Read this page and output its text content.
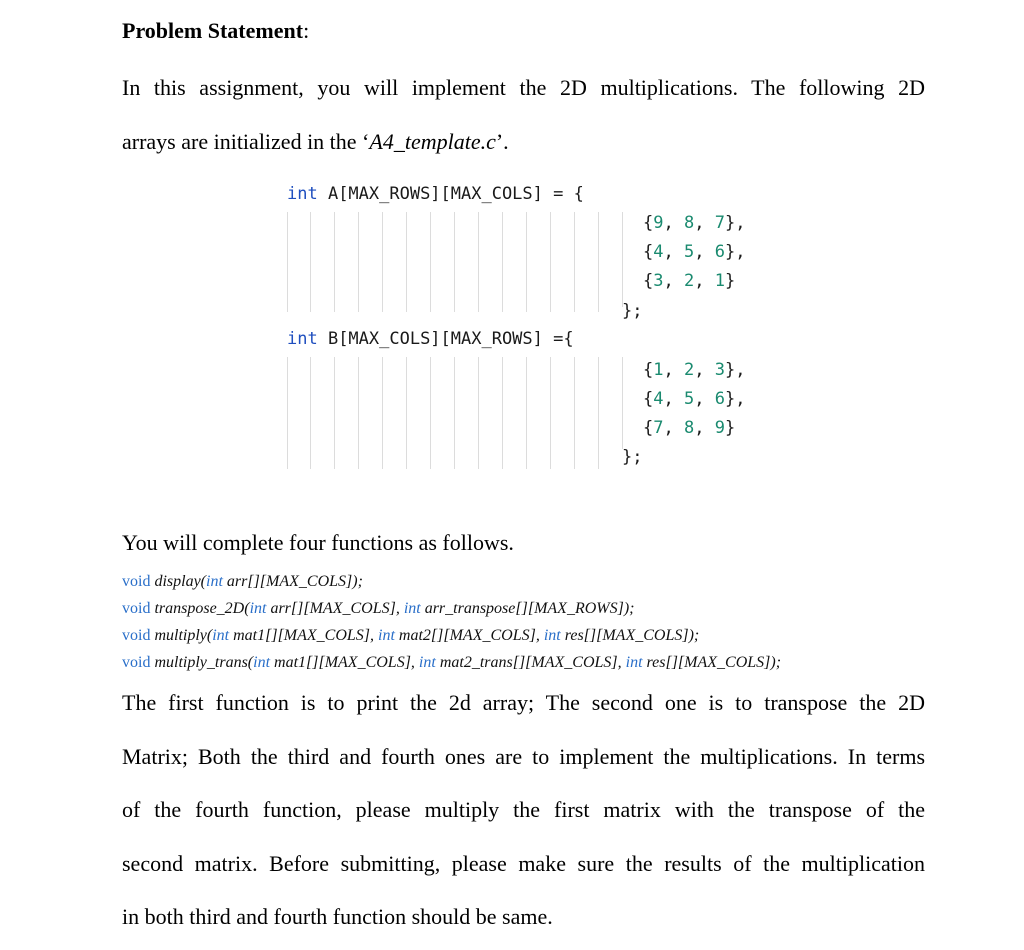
Problem Statement:
In this assignment, you will implement the 2D multiplications. The following 2D
arrays are initialized in the ‘A4_template.c’.
int A[MAX_ROWS][MAX_COLS] = {
{9, 8, 7},
{4, 5, 6},
{3, 2, 1}
};
int B[MAX_COLS][MAX_ROWS] ={
{1, 2, 3},
{4, 5, 6},
{7, 8, 9}
};
You will complete four functions as follows.
void display(int arr[][MAX_COLS]);
void transpose_2D(int arr[][MAX_COLS], int arr_transpose[][MAX_ROWS]);
void multiply(int mat1[][MAX_COLS], int mat2[][MAX_COLS], int res[][MAX_COLS]);
void multiply_trans(int mat1[][MAX_COLS], int mat2_trans[][MAX_COLS], int res[][MAX_COLS]);
The first function is to print the 2d array; The second one is to transpose the 2D
Matrix; Both the third and fourth ones are to implement the multiplications. In terms
of the fourth function, please multiply the first matrix with the transpose of the
second matrix. Before submitting, please make sure the results of the multiplication
in both third and fourth function should be same.
